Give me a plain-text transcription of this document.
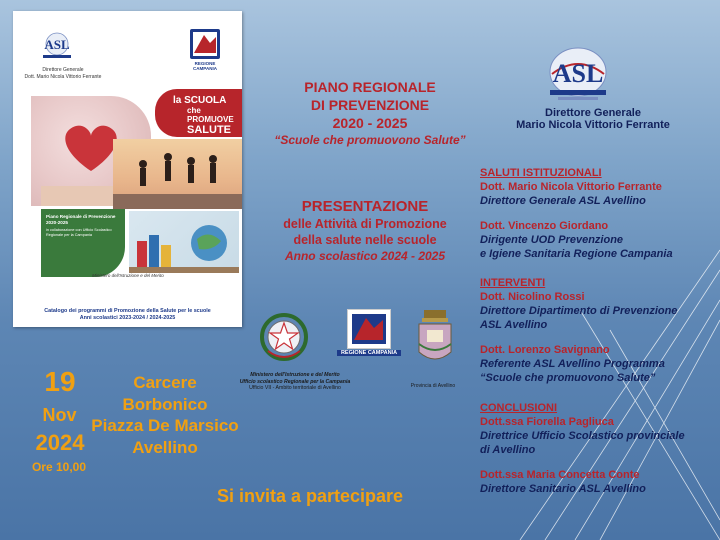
ASL
Direttore Generale
Dott. Mario Nicola Vittorio Ferrante
REGIONE CAMPANIA
la SCUOLA
che PROMUOVE
SALUTE
Piano Regionale di Prevenzione 2020-2025
in collaborazione con Ufficio Scolastico Regionale per la Campania
Ministero dell'Istruzione e del Merito
Catalogo dei programmi di Promozione della Salute per le scuole
Anni scolastici 2023-2024 / 2024-2025
PIANO REGIONALE
DI PREVENZIONE
2020 - 2025
“Scuole che promuovono Salute”
PRESENTAZIONE
delle Attività di Promozione
della salute nelle scuole
Anno scolastico 2024 - 2025
REGIONE CAMPANIA
Ministero dell'Istruzione e del Merito
Ufficio scolastico Regionale per la Campania
Ufficio VII - Ambito territoriale di Avellino	Provincia di Avellino
19
Nov
2024
Ore 10,00
Carcere
Borbonico
Piazza De Marsico
Avellino
Si invita a partecipare
ASL
Direttore Generale
Mario Nicola Vittorio Ferrante
SALUTI ISTITUZIONALI
Dott. Mario Nicola Vittorio Ferrante
Direttore Generale ASL Avellino
Dott. Vincenzo Giordano
Dirigente UOD Prevenzione
e Igiene Sanitaria Regione Campania
INTERVENTI
Dott. Nicolino Rossi
Direttore Dipartimento di Prevenzione
ASL Avellino
Dott. Lorenzo Savignano
Referente ASL Avellino Programma
“Scuole che promuovono Salute”
CONCLUSIONI
Dott.ssa Fiorella Pagliuca
Direttrice Ufficio Scolastico provinciale
di Avellino
Dott.ssa Maria Concetta Conte
Direttore Sanitario ASL Avellino
